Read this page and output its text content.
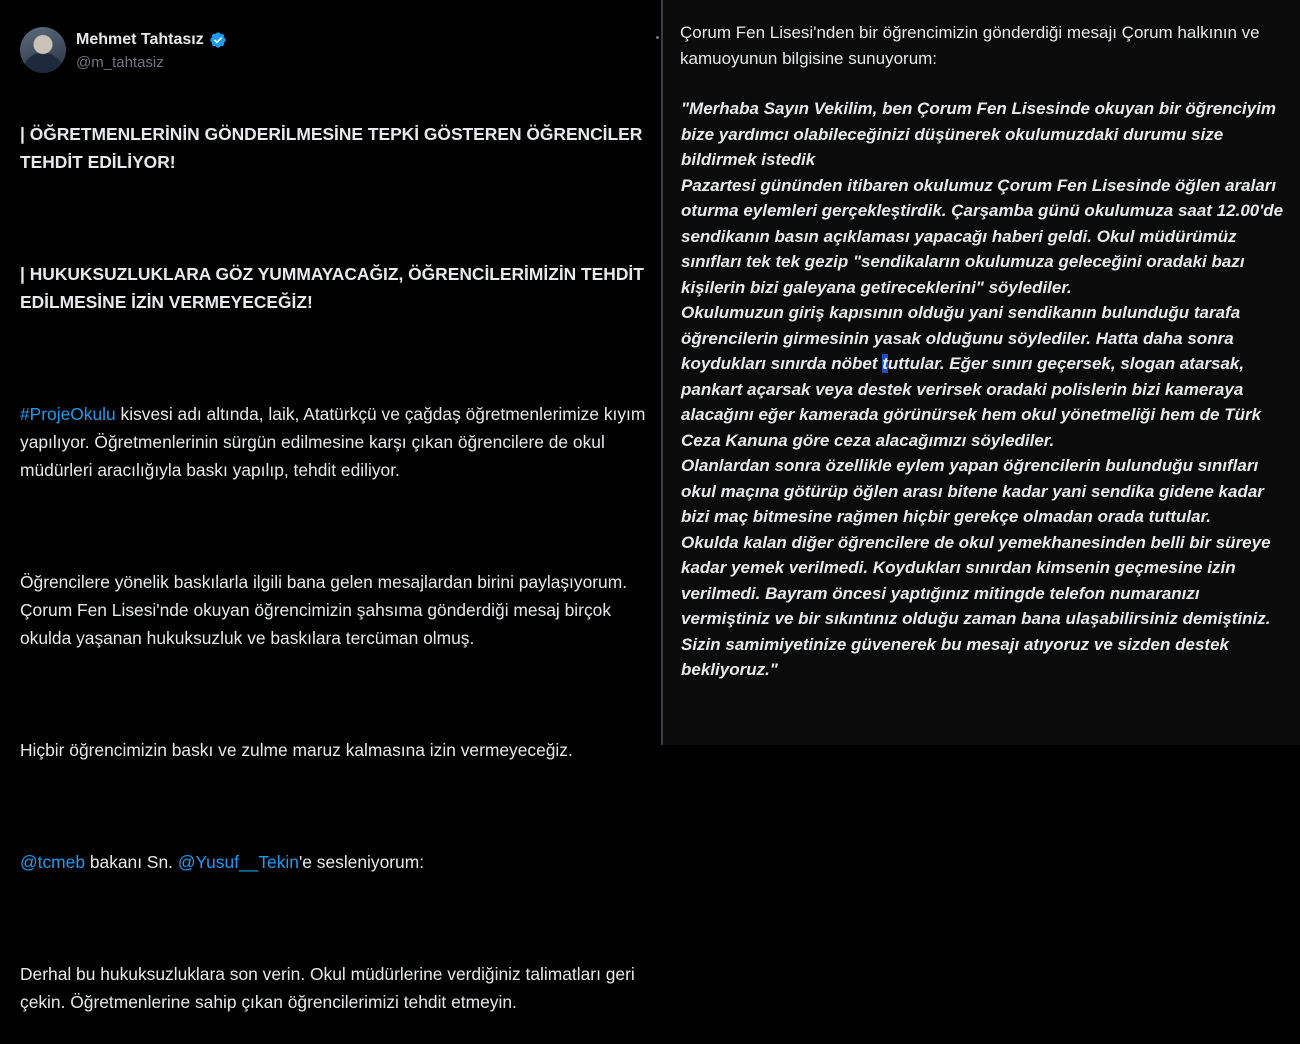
Mehmet Tahtasız
@m_tahtasiz

| ÖĞRETMENLERİNİN GÖNDERİLMESİNE TEPKİ GÖSTEREN ÖĞRENCİLER TEHDİT EDİLİYOR!

| HUKUKSUZLUKLARA GÖZ YUMMAYACAĞIZ, ÖĞRENCİLERİMİZİN TEHDİT EDİLMESİNE İZİN VERMEYECEĞİZ!

#ProjeOkulu kisvesi adı altında, laik, Atatürkçü ve çağdaş öğretmenlerimize kıyım yapılıyor. Öğretmenlerinin sürgün edilmesine karşı çıkan öğrencilere de okul müdürleri aracılığıyla baskı yapılıp, tehdit ediliyor.

Öğrencilere yönelik baskılarla ilgili bana gelen mesajlardan birini paylaşıyorum. Çorum Fen Lisesi'nde okuyan öğrencimizin şahsıma gönderdiği mesaj birçok okulda yaşanan hukuksuzluk ve baskılara tercüman olmuş.

Hiçbir öğrencimizin baskı ve zulme maruz kalmasına izin vermeyeceğiz.

@tcmeb bakanı Sn. @Yusuf__Tekin'e sesleniyorum:

Derhal bu hukuksuzluklara son verin. Okul müdürlerine verdiğiniz talimatları geri çekin. Öğretmenlerine sahip çıkan öğrencilerimizi tehdit etmeyin.

Çorum Fen Lisesi'nden bir öğrencimizin gönderdiği mesajı Çorum halkının ve kamuoyunun bilgisine sunuyorum:

"Merhaba Sayın Vekilim, ben Çorum Fen Lisesinde okuyan bir öğrenciyim bize yardımcı olabileceğinizi düşünerek okulumuzdaki durumu size bildirmek istedik

Pazartesi gününden itibaren okulumuz Çorum Fen Lisesinde öğlen araları oturma eylemleri gerçekleştirdik. Çarşamba günü okulumuza saat 12.00'de sendikanın basın açıklaması yapacağı haberi geldi. Okul müdürümüz sınıfları tek tek gezip "sendikaların okulumuza geleceğini oradaki bazı kişilerin bizi galeyana getireceklerini" söylediler.

Okulumuzun giriş kapısının olduğu yani sendikanın bulunduğu tarafa öğrencilerin girmesinin yasak olduğunu söylediler. Hatta daha sonra koydukları sınırda nöbet tuttular. Eğer sınırı geçersek, slogan atarsak, pankart açarsak veya destek verirsek oradaki polislerin bizi kameraya alacağını eğer kamerada görünürsek hem okul yönetmeliği hem de Türk Ceza Kanuna göre ceza alacağımızı söylediler.

Olanlardan sonra özellikle eylem yapan öğrencilerin bulunduğu sınıfları okul maçına götürüp öğlen arası bitene kadar yani sendika gidene kadar bizi maç bitmesine rağmen hiçbir gerekçe olmadan orada tuttular.

Okulda kalan diğer öğrencilere de okul yemekhanesinden belli bir süreye kadar yemek verilmedi. Koydukları sınırdan kimsenin geçmesine izin verilmedi. Bayram öncesi yaptığınız mitingde telefon numaranızı vermiştiniz ve bir sıkıntınız olduğu zaman bana ulaşabilirsiniz demiştiniz. Sizin samimiyetinize güvenerek bu mesajı atıyoruz ve sizden destek bekliyoruz."
